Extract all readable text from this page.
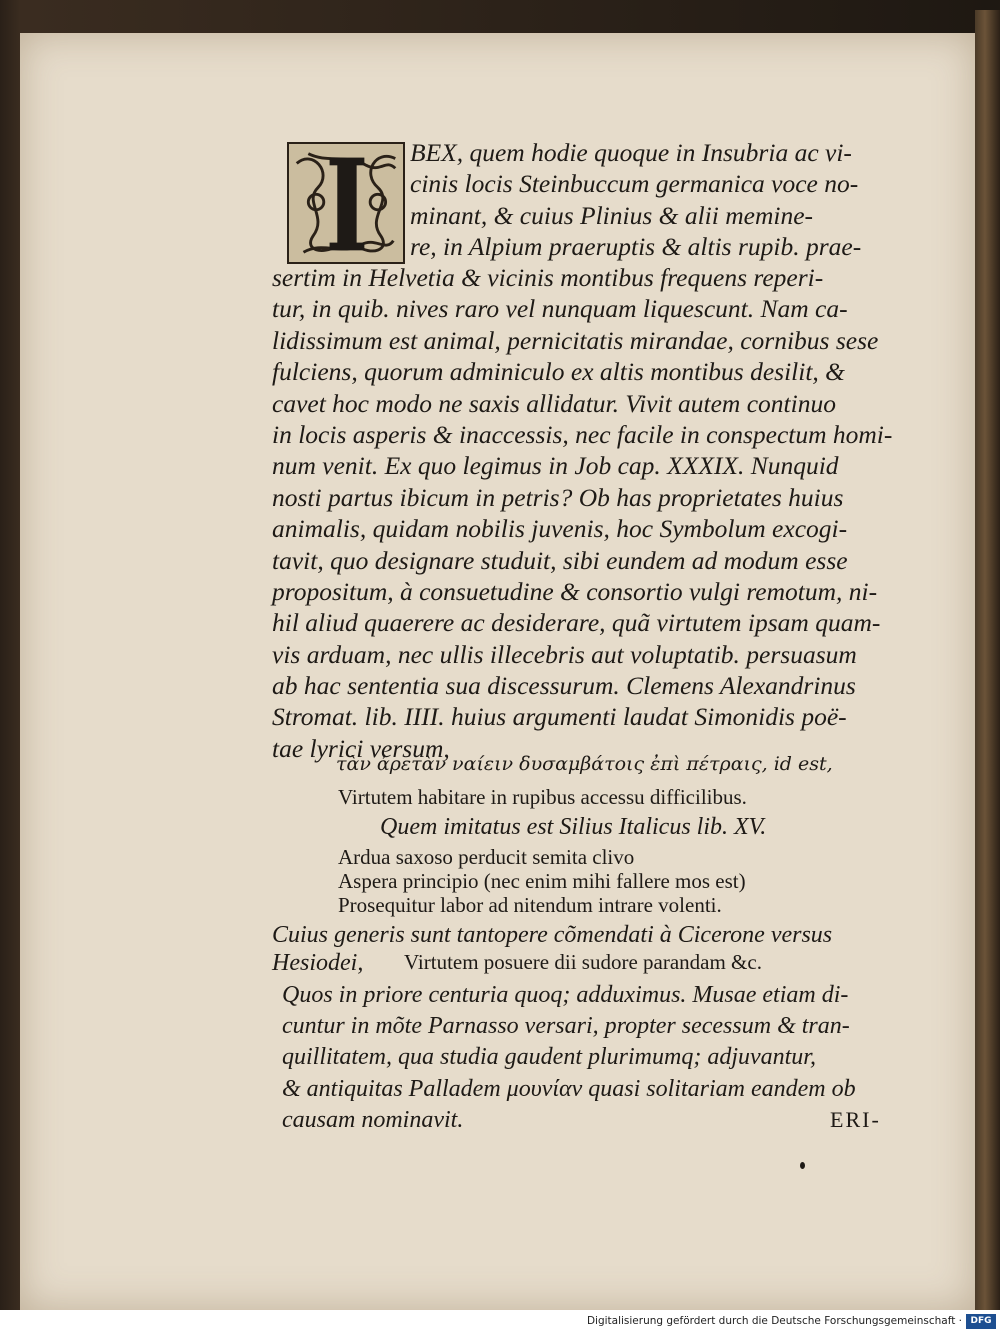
BEX, quem hodie quoque in Insubria ac vi-
cinis locis Steinbuccum germanica voce no-
minant, & cuius Plinius & alii memine-
re, in Alpium praeruptis & altis rupib. prae-
sertim in Helvetia & vicinis montibus frequens reperi-
tur, in quib. nives raro vel nunquam liquescunt. Nam ca-
lidissimum est animal, pernicitatis mirandae, cornibus sese
fulciens, quorum adminiculo ex altis montibus desilit, &
cavet hoc modo ne saxis allidatur. Vivit autem continuo
in locis asperis & inaccessis, nec facile in conspectum homi-
num venit. Ex quo legimus in Job cap. XXXIX. Nunquid
nosti partus ibicum in petris? Ob has proprietates huius
animalis, quidam nobilis juvenis, hoc Symbolum excogi-
tavit, quo designare studuit, sibi eundem ad modum esse
propositum, à consuetudine & consortio vulgi remotum, ni-
hil aliud quaerere ac desiderare, quã virtutem ipsam quam-
vis arduam, nec ullis illecebris aut voluptatib. persuasum
ab hac sententia sua discessurum. Clemens Alexandrinus
Stromat. lib. IIII. huius argumenti laudat Simonidis poë-
tae lyrici versum,
τὰν ἀρετὰν ναίειν δυσαμβάτοις ἐπὶ πέτραις, id est,
Virtutem habitare in rupibus accessu difficilibus.
Quem imitatus est Silius Italicus lib. XV.
Ardua saxoso perducit semita clivo
Aspera principio (nec enim mihi fallere mos est)
Prosequitur labor ad nitendum intrare volenti.
Cuius generis sunt tantopere cõmendati à Cicerone versus
Hesiodei, Virtutem posuere dii sudore parandam &c.
Quos in priore centuria quoq; adduximus. Musae etiam di-
cuntur in mõte Parnasso versari, propter secessum & tran-
quillitatem, qua studia gaudent plurimumq; adjuvantur,
& antiquitas Palladem μουνίαν quasi solitariam eandem ob
causam nominavit.	ERI-
Digitalisierung gefördert durch die Deutsche Forschungsgemeinschaft · DFG
